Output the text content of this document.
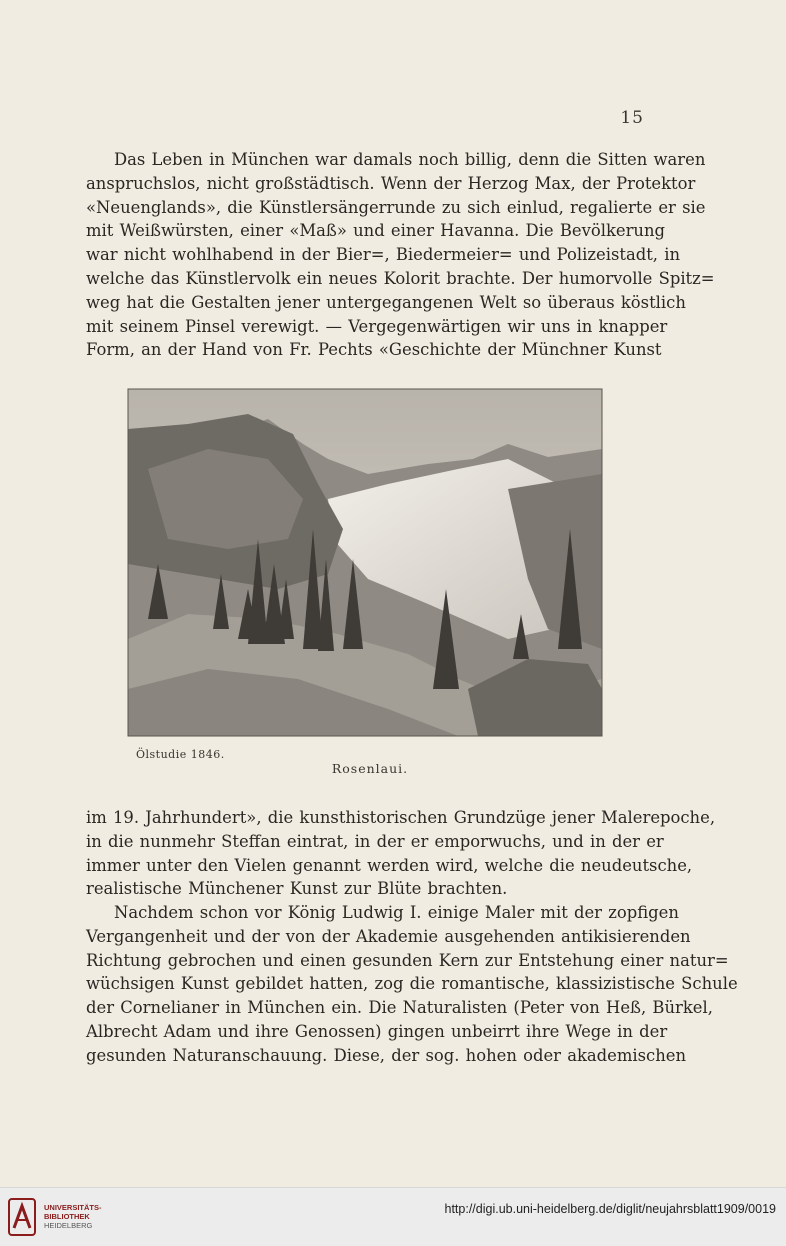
15
Das Leben in München war damals noch billig, denn die Sitten waren
anspruchslos, nicht großstädtisch. Wenn der Herzog Max, der Protektor
«Neuenglands», die Künstlersängerrunde zu sich einlud, regalierte er sie
mit Weißwürsten, einer «Maß» und einer Havanna. Die Bevölkerung
war nicht wohlhabend in der Bier=, Biedermeier= und Polizeistadt, in
welche das Künstlervolk ein neues Kolorit brachte. Der humorvolle Spitz=
weg hat die Gestalten jener untergegangenen Welt so überaus köstlich
mit seinem Pinsel verewigt. — Vergegenwärtigen wir uns in knapper
Form, an der Hand von Fr. Pechts «Geschichte der Münchner Kunst
Ölstudie 1846.
Rosenlaui.
im 19. Jahrhundert», die kunsthistorischen Grundzüge jener Malerepoche,
in die nunmehr Steffan eintrat, in der er emporwuchs, und in der er
immer unter den Vielen genannt werden wird, welche die neudeutsche,
realistische Münchener Kunst zur Blüte brachten.
Nachdem schon vor König Ludwig I. einige Maler mit der zopfigen
Vergangenheit und der von der Akademie ausgehenden antikisierenden
Richtung gebrochen und einen gesunden Kern zur Entstehung einer natur=
wüchsigen Kunst gebildet hatten, zog die romantische, klassizistische Schule
der Cornelianer in München ein. Die Naturalisten (Peter von Heß, Bürkel,
Albrecht Adam und ihre Genossen) gingen unbeirrt ihre Wege in der
gesunden Naturanschauung. Diese, der sog. hohen oder akademischen
UNIVERSITÄTS-
BIBLIOTHEK
HEIDELBERG
http://digi.ub.uni-heidelberg.de/diglit/neujahrsblatt1909/0019
